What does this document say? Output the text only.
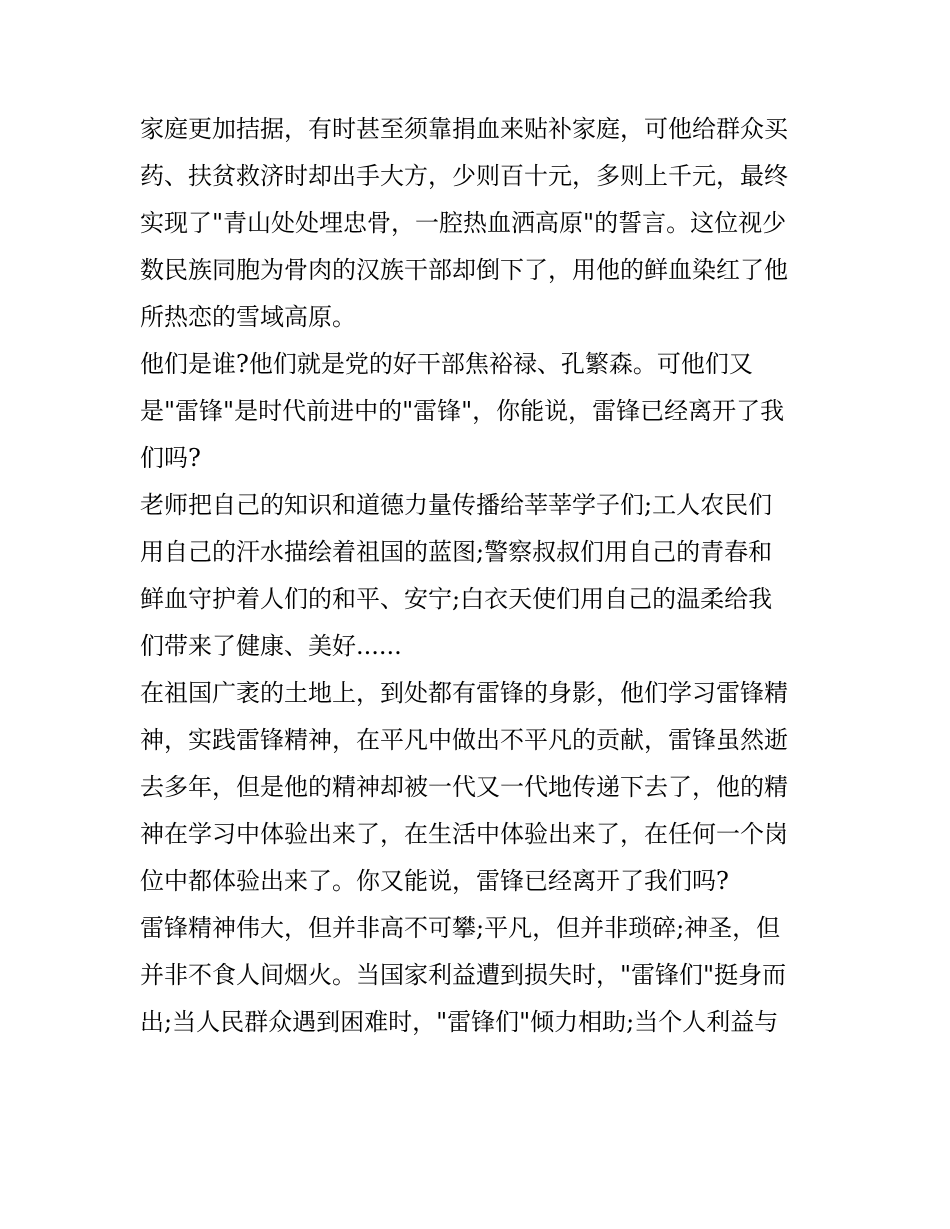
家庭更加拮据，有时甚至须靠捐血来贴补家庭，可他给群众买
药、扶贫救济时却出手大方，少则百十元，多则上千元，最终
实现了"青山处处埋忠骨，一腔热血洒高原"的誓言。这位视少
数民族同胞为骨肉的汉族干部却倒下了，用他的鲜血染红了他
所热恋的雪域高原。
他们是谁?他们就是党的好干部焦裕禄、孔繁森。可他们又
是"雷锋"是时代前进中的"雷锋"，你能说，雷锋已经离开了我
们吗?
老师把自己的知识和道德力量传播给莘莘学子们;工人农民们
用自己的汗水描绘着祖国的蓝图;警察叔叔们用自己的青春和
鲜血守护着人们的和平、安宁;白衣天使们用自己的温柔给我
们带来了健康、美好......
在祖国广袤的土地上，到处都有雷锋的身影，他们学习雷锋精
神，实践雷锋精神，在平凡中做出不平凡的贡献，雷锋虽然逝
去多年，但是他的精神却被一代又一代地传递下去了，他的精
神在学习中体验出来了，在生活中体验出来了，在任何一个岗
位中都体验出来了。你又能说，雷锋已经离开了我们吗?
雷锋精神伟大，但并非高不可攀;平凡，但并非琐碎;神圣，但
并非不食人间烟火。当国家利益遭到损失时，"雷锋们"挺身而
出;当人民群众遇到困难时，"雷锋们"倾力相助;当个人利益与
